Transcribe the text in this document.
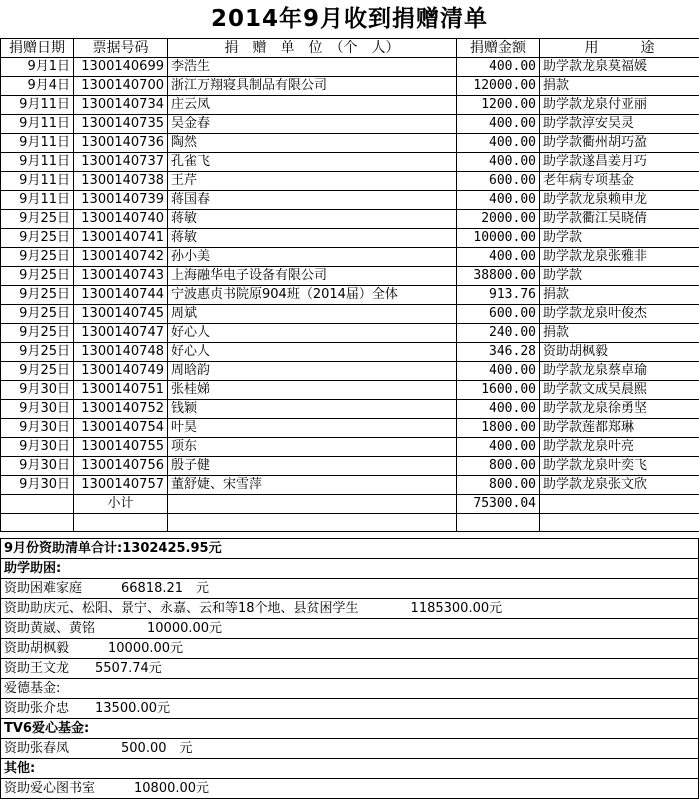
2014年9月收到捐赠清单
捐赠日期	票据号码	捐　赠　单　位　（个　人）	捐赠金额	用　　　途
9月1日	1300140699	李浩生	400.00	助学款龙泉莫福媛
9月4日	1300140700	浙江万翔寝具制品有限公司	12000.00	捐款
9月11日	1300140734	庄云凤	1200.00	助学款龙泉付亚丽
9月11日	1300140735	吴金春	400.00	助学款淳安吴灵
9月11日	1300140736	陶然	400.00	助学款衢州胡巧盈
9月11日	1300140737	孔雀飞	400.00	助学款遂昌姜月巧
9月11日	1300140738	王芹	600.00	老年病专项基金
9月11日	1300140739	蒋国春	400.00	助学款龙泉赖申龙
9月25日	1300140740	蒋敏	2000.00	助学款衢江吴晓倩
9月25日	1300140741	蒋敏	10000.00	助学款
9月25日	1300140742	孙小美	400.00	助学款龙泉张雅非
9月25日	1300140743	上海融华电子设备有限公司	38800.00	助学款
9月25日	1300140744	宁波惠贞书院原904班（2014届）全体	913.76	捐款
9月25日	1300140745	周斌	600.00	助学款龙泉叶俊杰
9月25日	1300140747	好心人	240.00	捐款
9月25日	1300140748	好心人	346.28	资助胡枫毅
9月25日	1300140749	周晗韵	400.00	助学款龙泉蔡卓瑜
9月30日	1300140751	张桂娣	1600.00	助学款文成吴晨熙
9月30日	1300140752	钱颖	400.00	助学款龙泉徐勇坚
9月30日	1300140754	叶昊	1800.00	助学款莲都郑琳
9月30日	1300140755	项东	400.00	助学款龙泉叶亮
9月30日	1300140756	殷子健	800.00	助学款龙泉叶奕飞
9月30日	1300140757	董舒婕、宋雪萍	800.00	助学款龙泉张文欣
	小计		75300.04	

9月份资助清单合计:1302425.95元
助学助困:
资助困难家庭　　　66818.21　元
资助助庆元、松阳、景宁、永嘉、云和等18个地、县贫困学生　　　　1185300.00元
资助黄崴、黄铭　　　　10000.00元
资助胡枫毅　　　10000.00元
资助王文龙　　5507.74元
爱德基金:
资助张介忠　　13500.00元
TV6爱心基金:
资助张春凤　　　　500.00　元
其他:
资助爱心图书室　　　10800.00元
